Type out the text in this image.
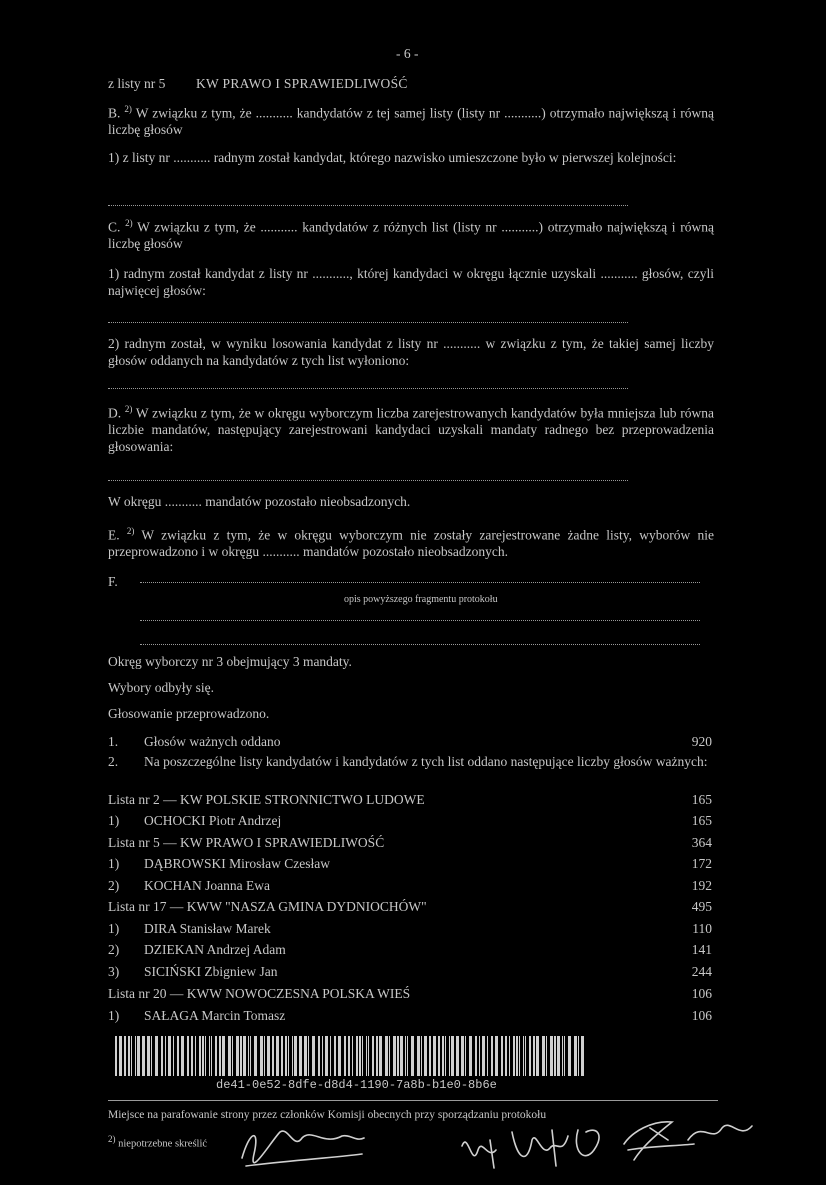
- 6 -
z listy nr 5 KW PRAWO I SPRAWIEDLIWOŚĆ
B. $^{2)}$ W związku z tym, że ........... kandydatów z tej samej listy (listy nr ...........) otrzymało największą i równą liczbę głosów
1) z listy nr ........... radnym został kandydat, którego nazwisko umieszczone było w pierwszej kolejności:
C. $^{2)}$ W związku z tym, że ........... kandydatów z różnych list (listy nr ...........) otrzymało największą i równą liczbę głosów
1) radnym został kandydat z listy nr ..........., której kandydaci w okręgu łącznie uzyskali ........... głosów, czyli najwięcej głosów:
2) radnym został, w wyniku losowania kandydat z listy nr ........... w związku z tym, że takiej samej liczby głosów oddanych na kandydatów z tych list wyłoniono:
D. $^{2)}$ W związku z tym, że w okręgu wyborczym liczba zarejestrowanych kandydatów była mniejsza lub równa liczbie mandatów, następujący zarejestrowani kandydaci uzyskali mandaty radnego bez przeprowadzenia głosowania:
W okręgu ........... mandatów pozostało nieobsadzonych.
E. $^{2)}$ W związku z tym, że w okręgu wyborczym nie zostały zarejestrowane żadne listy, wyborów nie przeprowadzono i w okręgu ........... mandatów pozostało nieobsadzonych.
F.
opis powyższego fragmentu protokołu
Okręg wyborczy nr 3 obejmujący 3 mandaty.
Wybory odbyły się.
Głosowanie przeprowadzono.
1. Głosów ważnych oddano	920
2. Na poszczególne listy kandydatów i kandydatów z tych list oddano następujące liczby głosów ważnych:
Lista nr 2 — KW POLSKIE STRONNICTWO LUDOWE	165
1) OCHOCKI Piotr Andrzej	165
Lista nr 5 — KW PRAWO I SPRAWIEDLIWOŚĆ	364
1) DĄBROWSKI Mirosław Czesław	172
2) KOCHAN Joanna Ewa	192
Lista nr 17 — KWW "NASZA GMINA DYDNIOCHÓW"	495
1) DIRA Stanisław Marek	110
2) DZIEKAN Andrzej Adam	141
3) SICIŃSKI Zbigniew Jan	244
Lista nr 20 — KWW NOWOCZESNA POLSKA WIEŚ	106
1) SAŁAGA Marcin Tomasz	106
de41-0e52-8dfe-d8d4-1190-7a8b-b1e0-8b6e
Miejsce na parafowanie strony przez członków Komisji obecnych przy sporządzaniu protokołu
2) niepotrzebne skreślić
